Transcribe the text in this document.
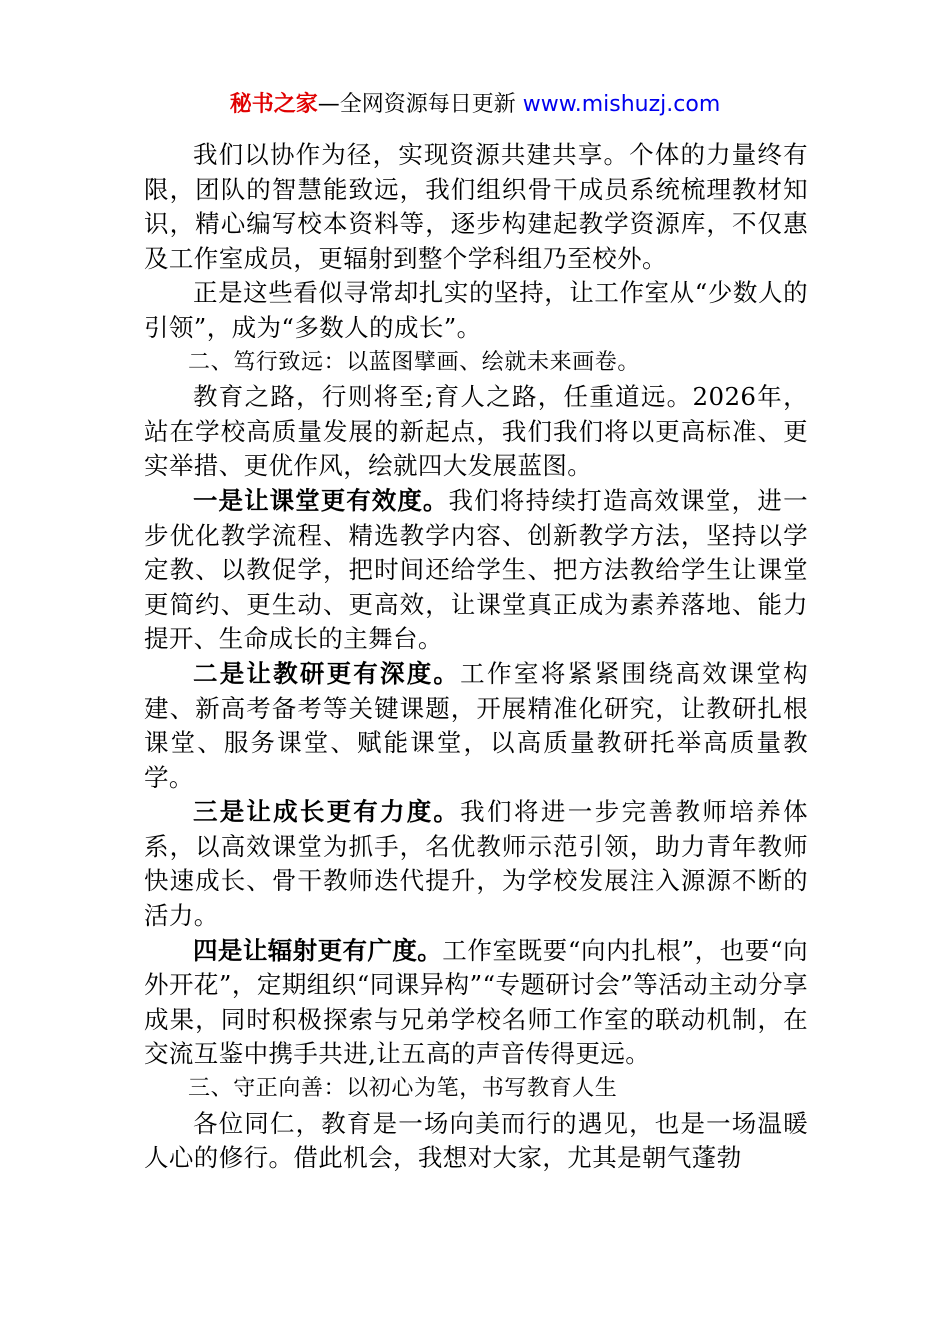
秘书之家—全网资源每日更新 www.mishuzj.com

我们以协作为径，实现资源共建共享。个体的力量终有限，团队的智慧能致远，我们组织骨干成员系统梳理教材知识，精心编写校本资料等，逐步构建起教学资源库，不仅惠及工作室成员，更辐射到整个学科组乃至校外。

正是这些看似寻常却扎实的坚持，让工作室从“少数人的引领”，成为“多数人的成长”。

二、笃行致远：以蓝图擘画、绘就未来画卷。

教育之路，行则将至;育人之路，任重道远。2026年，站在学校高质量发展的新起点，我们我们将以更高标准、更实举措、更优作风，绘就四大发展蓝图。

一是让课堂更有效度。我们将持续打造高效课堂，进一步优化教学流程、精选教学内容、创新教学方法，坚持以学定教、以教促学，把时间还给学生、把方法教给学生让课堂更简约、更生动、更高效，让课堂真正成为素养落地、能力提开、生命成长的主舞台。

二是让教研更有深度。工作室将紧紧围绕高效课堂构建、新高考备考等关键课题，开展精准化研究，让教研扎根课堂、服务课堂、赋能课堂，以高质量教研托举高质量教学。

三是让成长更有力度。我们将进一步完善教师培养体系，以高效课堂为抓手，名优教师示范引领，助力青年教师快速成长、骨干教师迭代提升，为学校发展注入源源不断的活力。

四是让辐射更有广度。工作室既要“向内扎根”，也要“向外开花”，定期组织“同课异构”“专题研讨会”等活动主动分享成果，同时积极探索与兄弟学校名师工作室的联动机制，在交流互鉴中携手共进,让五高的声音传得更远。

三、守正向善：以初心为笔，书写教育人生

各位同仁，教育是一场向美而行的遇见，也是一场温暖人心的修行。借此机会，我想对大家，尤其是朝气蓬勃
